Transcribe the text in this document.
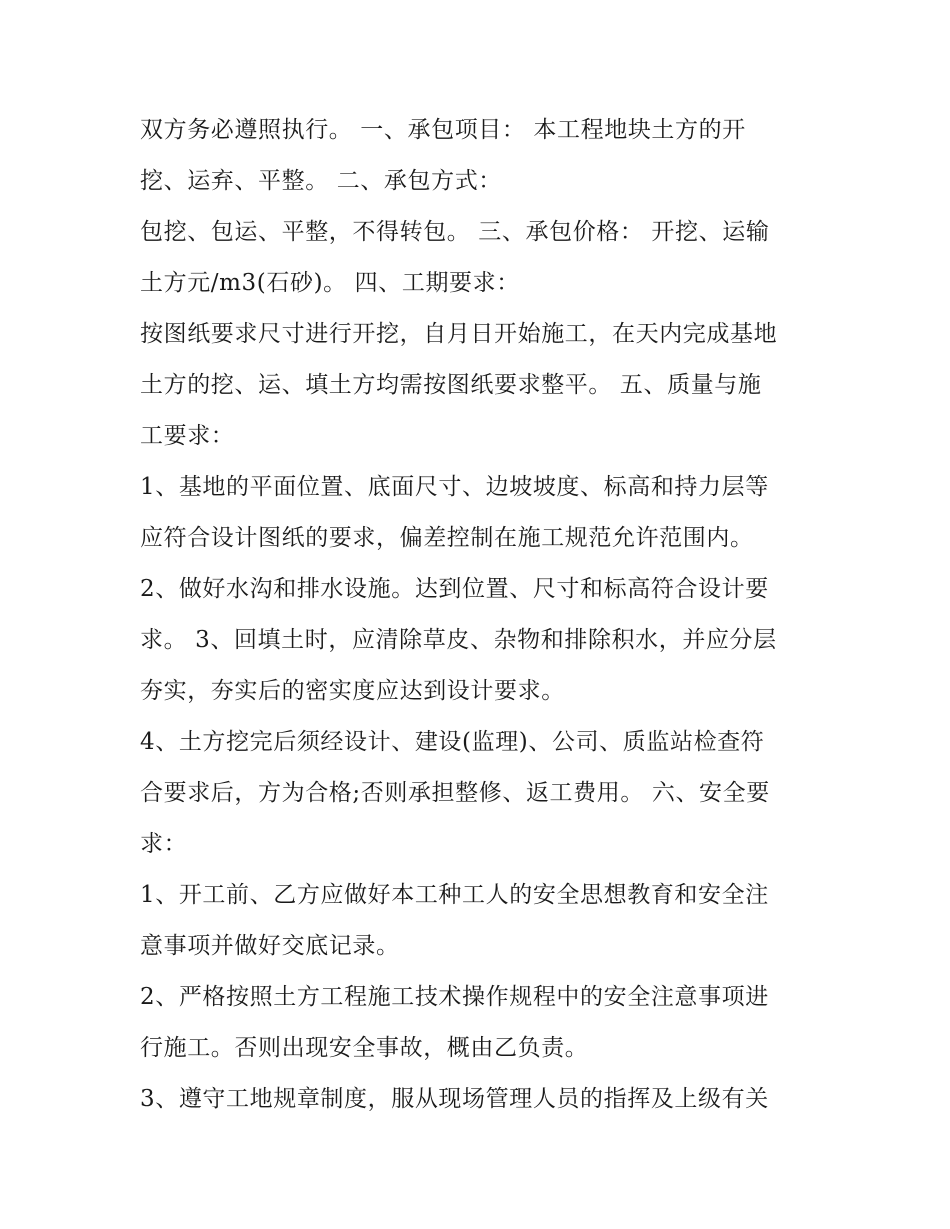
双方务必遵照执行。 一、承包项目： 本工程地块土方的开

挖、运弃、平整。 二、承包方式：

包挖、包运、平整，不得转包。 三、承包价格： 开挖、运输

土方元/m3(石砂)。 四、工期要求：

按图纸要求尺寸进行开挖，自月日开始施工，在天内完成基地

土方的挖、运、填土方均需按图纸要求整平。 五、质量与施

工要求：

1、基地的平面位置、底面尺寸、边坡坡度、标高和持力层等

应符合设计图纸的要求，偏差控制在施工规范允许范围内。

2、做好水沟和排水设施。达到位置、尺寸和标高符合设计要

求。 3、回填土时，应清除草皮、杂物和排除积水，并应分层

夯实，夯实后的密实度应达到设计要求。

4、土方挖完后须经设计、建设(监理)、公司、质监站检查符

合要求后，方为合格;否则承担整修、返工费用。 六、安全要

求：

1、开工前、乙方应做好本工种工人的安全思想教育和安全注

意事项并做好交底记录。

2、严格按照土方工程施工技术操作规程中的安全注意事项进

行施工。否则出现安全事故，概由乙负责。

3、遵守工地规章制度，服从现场管理人员的指挥及上级有关
